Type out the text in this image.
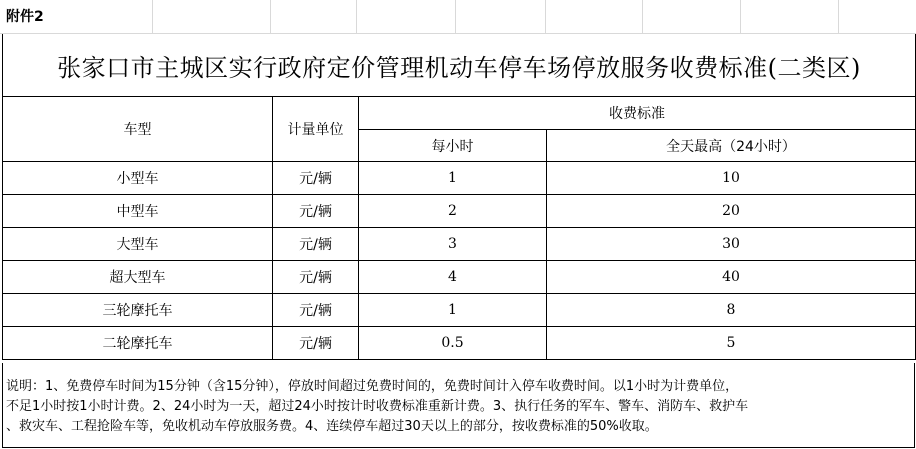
附件2
张家口市主城区实行政府定价管理机动车停车场停放服务收费标准(二类区)
车型	计量单位	收费标准	
		每小时	全天最高（24小时）
小型车	元/辆	1	10
中型车	元/辆	2	20
大型车	元/辆	3	30
超大型车	元/辆	4	40
三轮摩托车	元/辆	1	8
二轮摩托车	元/辆	0.5	5
说明：1、免费停车时间为15分钟（含15分钟），停放时间超过免费时间的，免费时间计入停车收费时间。以1小时为计费单位，
不足1小时按1小时计费。2、24小时为一天，超过24小时按计时收费标准重新计费。3、执行任务的军车、警车、消防车、救护车
、救灾车、工程抢险车等，免收机动车停放服务费。4、连续停车超过30天以上的部分，按收费标准的50%收取。
